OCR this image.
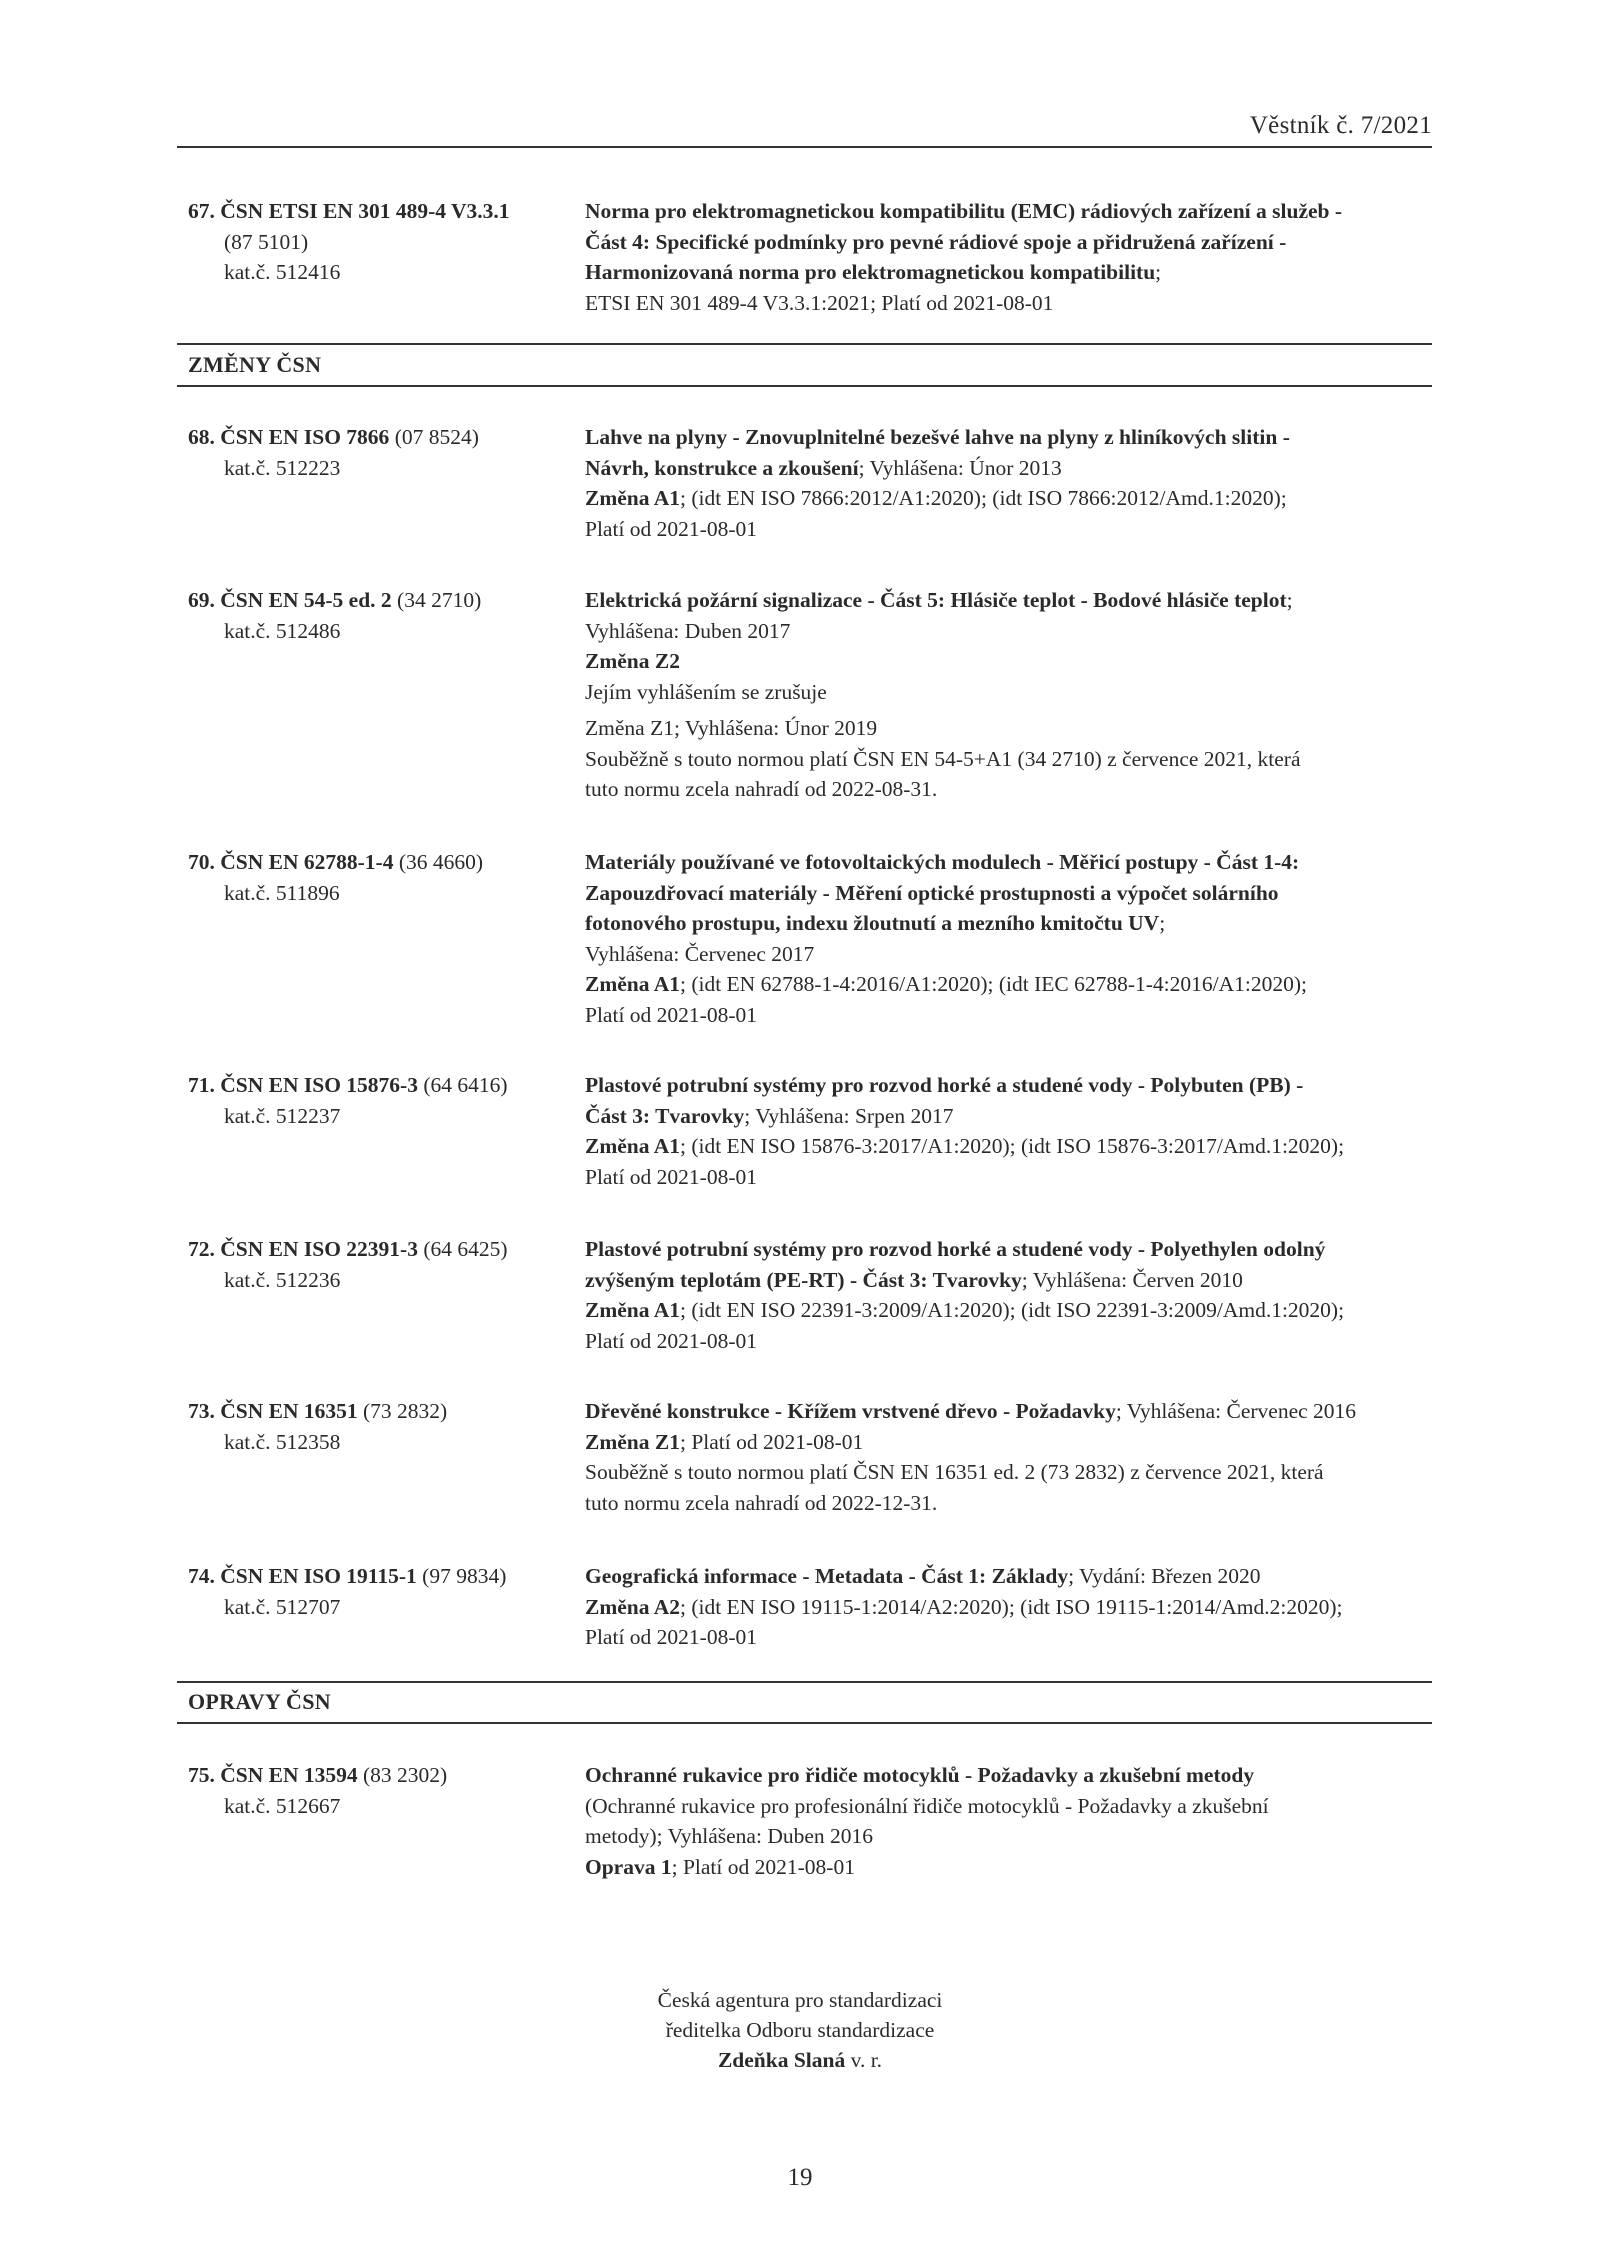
Věstník č. 7/2021
67. ČSN ETSI EN 301 489-4 V3.3.1
(87 5101)
kat.č. 512416
Norma pro elektromagnetickou kompatibilitu (EMC) rádiových zařízení a služeb -
Část 4: Specifické podmínky pro pevné rádiové spoje a přidružená zařízení -
Harmonizovaná norma pro elektromagnetickou kompatibilitu;
ETSI EN 301 489-4 V3.3.1:2021; Platí od 2021-08-01
ZMĚNY ČSN
68. ČSN EN ISO 7866 (07 8524)
kat.č. 512223
Lahve na plyny - Znovuplnitelné bezešvé lahve na plyny z hliníkových slitin -
Návrh, konstrukce a zkoušení; Vyhlášena: Únor 2013
Změna A1; (idt EN ISO 7866:2012/A1:2020); (idt ISO 7866:2012/Amd.1:2020);
Platí od 2021-08-01
69. ČSN EN 54-5 ed. 2 (34 2710)
kat.č. 512486
Elektrická požární signalizace - Část 5: Hlásiče teplot - Bodové hlásiče teplot;
Vyhlášena: Duben 2017
Změna Z2
Jejím vyhlášením se zrušuje
Změna Z1; Vyhlášena: Únor 2019
Souběžně s touto normou platí ČSN EN 54-5+A1 (34 2710) z července 2021, která
tuto normu zcela nahradí od 2022-08-31.
70. ČSN EN 62788-1-4 (36 4660)
kat.č. 511896
Materiály používané ve fotovoltaických modulech - Měřicí postupy - Část 1-4:
Zapouzdřovací materiály - Měření optické prostupnosti a výpočet solárního
fotonového prostupu, indexu žloutnutí a mezního kmitočtu UV;
Vyhlášena: Červenec 2017
Změna A1; (idt EN 62788-1-4:2016/A1:2020); (idt IEC 62788-1-4:2016/A1:2020);
Platí od 2021-08-01
71. ČSN EN ISO 15876-3 (64 6416)
kat.č. 512237
Plastové potrubní systémy pro rozvod horké a studené vody - Polybuten (PB) -
Část 3: Tvarovky; Vyhlášena: Srpen 2017
Změna A1; (idt EN ISO 15876-3:2017/A1:2020); (idt ISO 15876-3:2017/Amd.1:2020);
Platí od 2021-08-01
72. ČSN EN ISO 22391-3 (64 6425)
kat.č. 512236
Plastové potrubní systémy pro rozvod horké a studené vody - Polyethylen odolný
zvýšeným teplotám (PE-RT) - Část 3: Tvarovky; Vyhlášena: Červen 2010
Změna A1; (idt EN ISO 22391-3:2009/A1:2020); (idt ISO 22391-3:2009/Amd.1:2020);
Platí od 2021-08-01
73. ČSN EN 16351 (73 2832)
kat.č. 512358
Dřevěné konstrukce - Křížem vrstvené dřevo - Požadavky; Vyhlášena: Červenec 2016
Změna Z1; Platí od 2021-08-01
Souběžně s touto normou platí ČSN EN 16351 ed. 2 (73 2832) z července 2021, která
tuto normu zcela nahradí od 2022-12-31.
74. ČSN EN ISO 19115-1 (97 9834)
kat.č. 512707
Geografická informace - Metadata - Část 1: Základy; Vydání: Březen 2020
Změna A2; (idt EN ISO 19115-1:2014/A2:2020); (idt ISO 19115-1:2014/Amd.2:2020);
Platí od 2021-08-01
OPRAVY ČSN
75. ČSN EN 13594 (83 2302)
kat.č. 512667
Ochranné rukavice pro řidiče motocyklů - Požadavky a zkušební metody
(Ochranné rukavice pro profesionální řidiče motocyklů - Požadavky a zkušební
metody); Vyhlášena: Duben 2016
Oprava 1; Platí od 2021-08-01
Česká agentura pro standardizaci
ředitelka Odboru standardizace
Zdeňka Slaná v. r.
19
